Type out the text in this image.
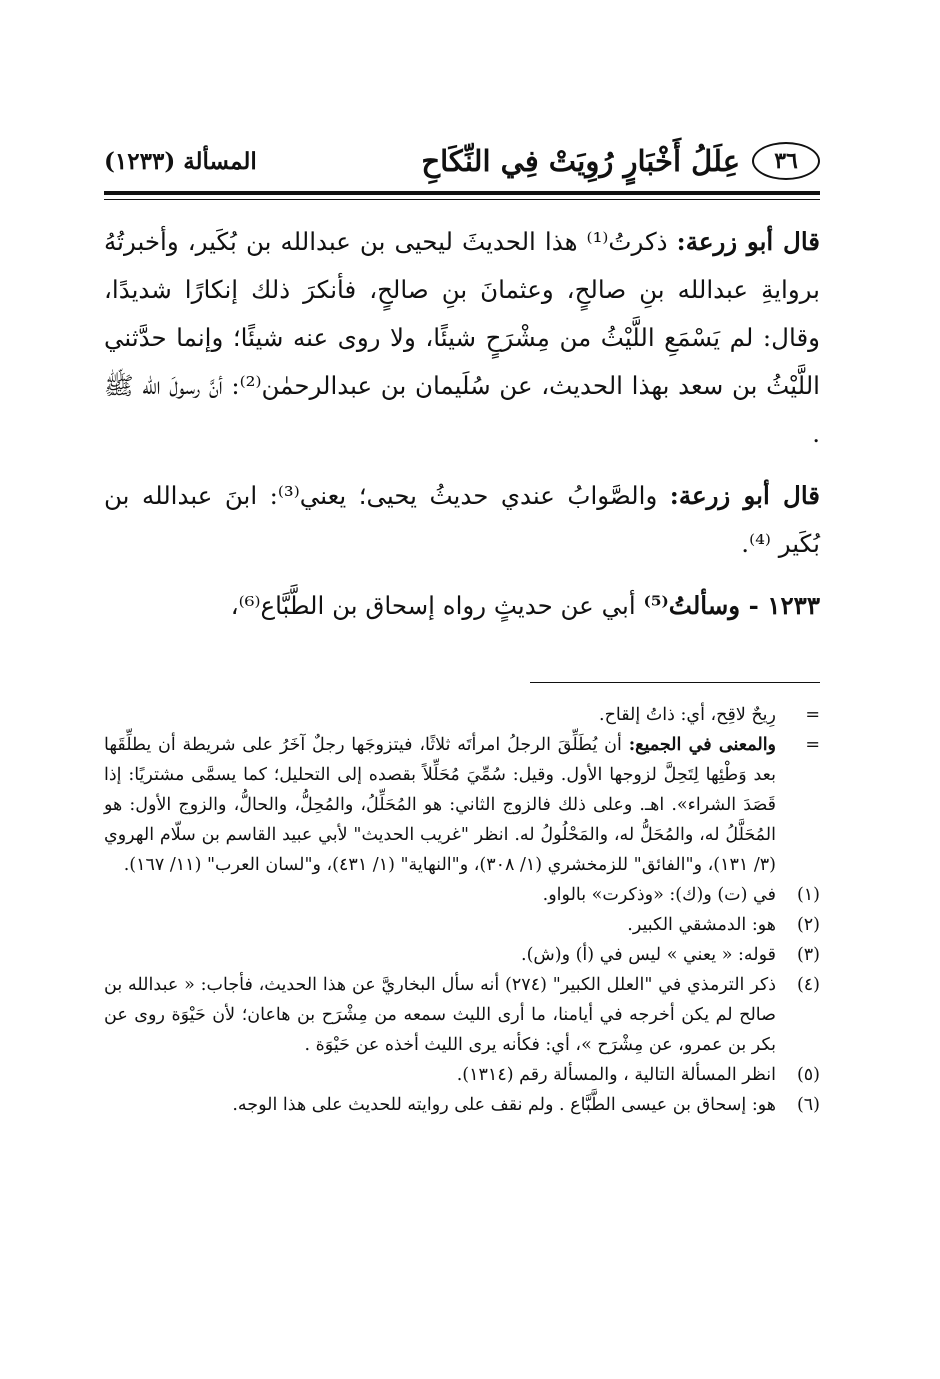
المسألة (١٢٣٣)	٣٦
عِلَلُ أَخْبَارٍ رُوِيَتْ فِي النِّكَاحِ

قال أبو زرعة: ذكرتُ⁽¹⁾ هذا الحديثَ ليحيى بن عبدالله بن بُكَير، وأخبرتُهُ بروايةِ عبدالله بنِ صالحٍ، وعثمانَ بنِ صالحٍ، فأنكرَ ذلك إنكارًا شديدًا، وقال: لم يَسْمَعِ اللَّيْثُ من مِشْرَحٍ شيئًا، ولا روى عنه شيئًا؛ وإنما حدَّثني اللَّيْثُ بن سعد بهذا الحديث، عن سُلَيمان بن عبدالرحمٰن⁽²⁾: أنَّ رسولَ الله ﷺ .

قال أبو زرعة: والصَّوابُ عندي حديثُ يحيى؛ يعني⁽³⁾: ابنَ عبدالله بن بُكَير ⁽⁴⁾.

١٢٣٣ - وسألتُ⁽⁵⁾ أبي عن حديثٍ رواه إسحاق بن الطَّبَّاع⁽⁶⁾،

=
رِيحٌ لاقِح، أي: ذاتُ إلقاح.
=
والمعنى في الجميع: أن يُطَلِّقَ الرجلُ امرأتَه ثلاثًا، فيتزوجَها رجلٌ آخَرُ على شريطة أن يطلِّقَها بعد وَطْئِها لِتَحِلَّ لزوجها الأول. وقيل: سُمِّيَ مُحَلِّلاً بقصده إلى التحليل؛ كما يسمَّى مشتريًا: إذا قَصَدَ الشراء». اهـ. وعلى ذلك فالزوج الثاني: هو المُحَلِّلُ، والمُحِلُّ، والحالُّ، والزوج الأول: هو المُحَلَّلُ له، والمُحَلُّ له، والمَحْلُولُ له. انظر "غريب الحديث" لأبي عبيد القاسم بن سلّام الهروي (٣/ ١٣١)، و"الفائق" للزمخشري (١/ ٣٠٨)، و"النهاية" (١/ ٤٣١)، و"لسان العرب" (١١/ ١٦٧).
(١)
في (ت) و(ك): «وذكرت» بالواو.
(٢)
هو: الدمشقي الكبير.
(٣)
قوله: « يعني » ليس في (أ) و(ش).
(٤)
ذكر الترمذي في "العلل الكبير" (٢٧٤) أنه سأل البخاريَّ عن هذا الحديث، فأجاب: « عبدالله بن صالح لم يكن أخرجه في أيامنا، ما أرى الليث سمعه من مِشْرَح بن هاعان؛ لأن حَيْوَة روى عن بكر بن عمرو، عن مِشْرَح »، أي: فكأنه يرى الليث أخذه عن حَيْوَة .
(٥)
انظر المسألة التالية ، والمسألة رقم (١٣١٤).
(٦)
هو: إسحاق بن عيسى الطَّبَّاع . ولم نقف على روايته للحديث على هذا الوجه.
